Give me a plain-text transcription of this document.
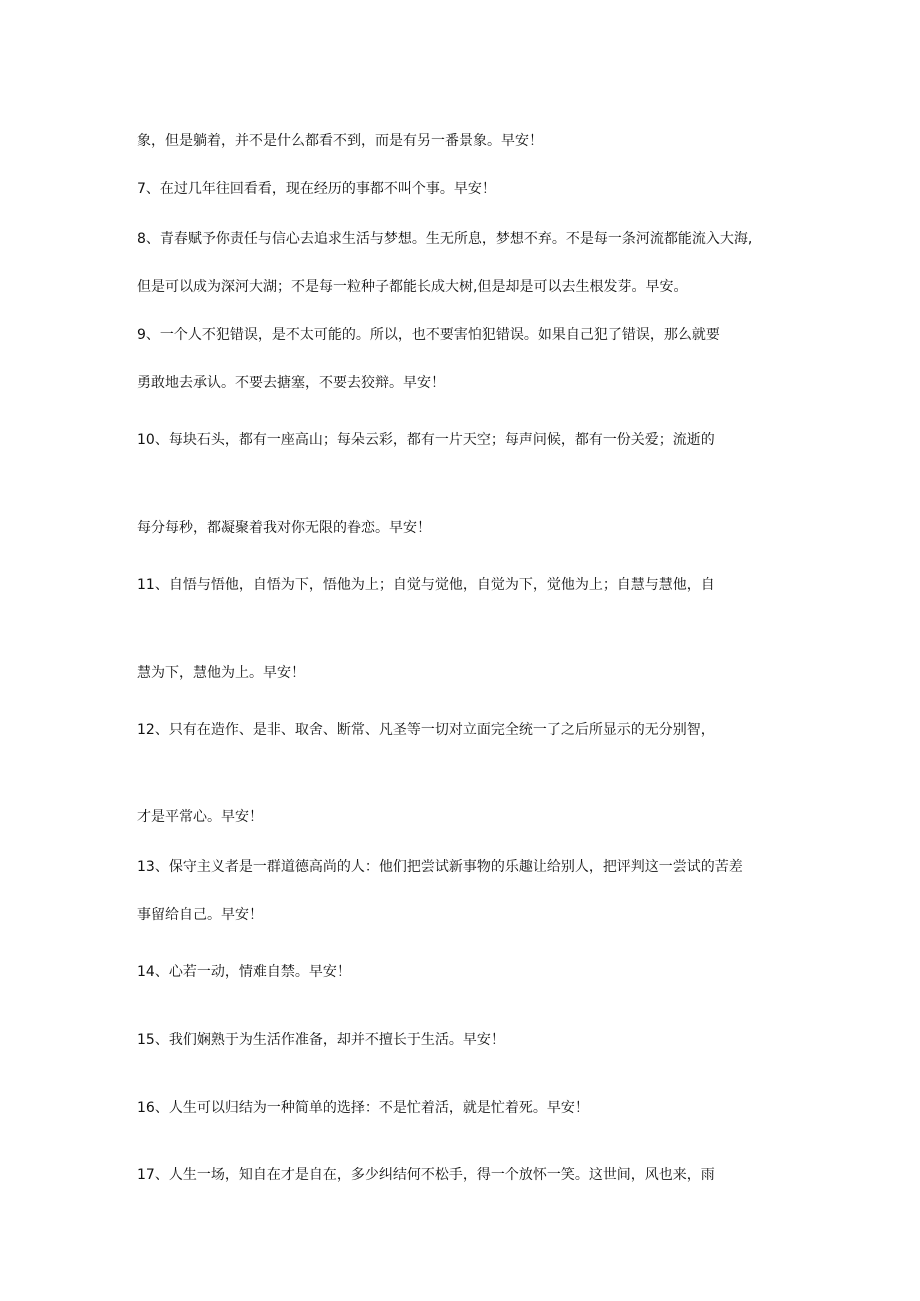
象，但是躺着，并不是什么都看不到，而是有另一番景象。早安！

7、在过几年往回看看，现在经历的事都不叫个事。早安！

8、青春赋予你责任与信心去追求生活与梦想。生无所息，梦想不弃。不是每一条河流都能流入大海,

但是可以成为深河大湖；不是每一粒种子都能长成大树,但是却是可以去生根发芽。早安。

9、一个人不犯错误，是不太可能的。所以，也不要害怕犯错误。如果自己犯了错误，那么就要

勇敢地去承认。不要去搪塞，不要去狡辩。早安！

10、每块石头，都有一座高山；每朵云彩，都有一片天空；每声问候，都有一份关爱；流逝的

每分每秒，都凝聚着我对你无限的眷恋。早安！

11、自悟与悟他，自悟为下，悟他为上；自觉与觉他，自觉为下，觉他为上；自慧与慧他，自

慧为下，慧他为上。早安！

12、只有在造作、是非、取舍、断常、凡圣等一切对立面完全统一了之后所显示的无分别智，

才是平常心。早安！

13、保守主义者是一群道德高尚的人：他们把尝试新事物的乐趣让给别人，把评判这一尝试的苦差

事留给自己。早安！

14、心若一动，情难自禁。早安！

15、我们娴熟于为生活作准备，却并不擅长于生活。早安！

16、人生可以归结为一种简单的选择：不是忙着活，就是忙着死。早安！

17、人生一场，知自在才是自在，多少纠结何不松手，得一个放怀一笑。这世间，风也来，雨
